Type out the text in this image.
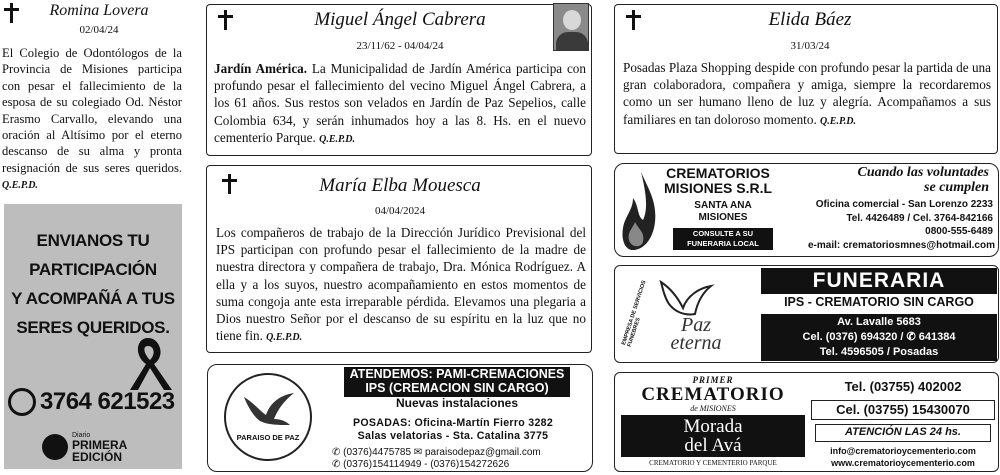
Romina Lovera
02/04/24
El Colegio de Odontólogos de la Provincia de Misiones participa con pesar el fallecimiento de la esposa de su colegiado Od. Néstor Erasmo Carvallo, elevando una oración al Altísimo por el eterno descanso de su alma y pronta resignación de sus seres queridos. Q.E.P.D.
ENVIANOS TU
PARTICIPACIÓN
Y ACOMPAÑÁ A TUS
SERES QUERIDOS.
3764 621523
Diario
PRIMERA
EDICIÓN
Miguel Ángel Cabrera
23/11/62 - 04/04/24
Jardín América. La Municipalidad de Jardín América participa con profundo pesar el fallecimiento del vecino Miguel Ángel Cabrera, a los 61 años. Sus restos son velados en Jardín de Paz Sepelios, calle Colombia 634, y serán inhumados hoy a las 8. Hs. en el nuevo cementerio Parque. Q.E.P.D.
María Elba Mouesca
04/04/2024
Los compañeros de trabajo de la Dirección Jurídico Previsional del IPS participan con profundo pesar el fallecimiento de la madre de nuestra directora y compañera de trabajo, Dra. Mónica Rodríguez. A ella y a los suyos, nuestro acompañamiento en estos momentos de suma congoja ante esta irreparable pérdida. Elevamos una plegaria a Dios nuestro Señor por el descanso de su espíritu en la luz que no tiene fin. Q.E.P.D.
PARAISO DE PAZ
ATENDEMOS: PAMI-CREMACIONES
IPS (CREMACION SIN CARGO)
Nuevas instalaciones
POSADAS: Oficina-Martín Fierro 3282
Salas velatorias - Sta. Catalina 3775
✆ (0376)4475785 ✉ paraisodepaz@gmail.com
✆ (0376)154114949 - (0376)154272626
Elida Báez
31/03/24
Posadas Plaza Shopping despide con profundo pesar la partida de una gran colaboradora, compañera y amiga, siempre la recordaremos como un ser humano lleno de luz y alegría. Acompañamos a sus familiares en tan doloroso momento. Q.E.P.D.
CREMATORIOS
MISIONES S.R.L
SANTA ANA
MISIONES
CONSULTE A SU
FUNERARIA LOCAL
Cuando las voluntades
se cumplen
Oficina comercial - San Lorenzo 2233
Tel. 4426489 / Cel. 3764-842166
0800-555-6489
e-mail: crematoriosmnes@hotmail.com
EMPRESA DE SERVICIOS FUNEBRES	Paz
eterna
FUNERARIA
IPS - CREMATORIO SIN CARGO
Av. Lavalle 5683
Cel. (0376) 694320 / ✆ 641384
Tel. 4596505 / Posadas
PRIMER
CREMATORIO
de MISIONES
Morada
del Avá
CREMATORIO Y CEMENTERIO PARQUE
Tel. (03755) 402002
Cel. (03755) 15430070
ATENCIÓN LAS 24 hs.
info@crematorioycementerio.com
www.crematorioycementerio.com
